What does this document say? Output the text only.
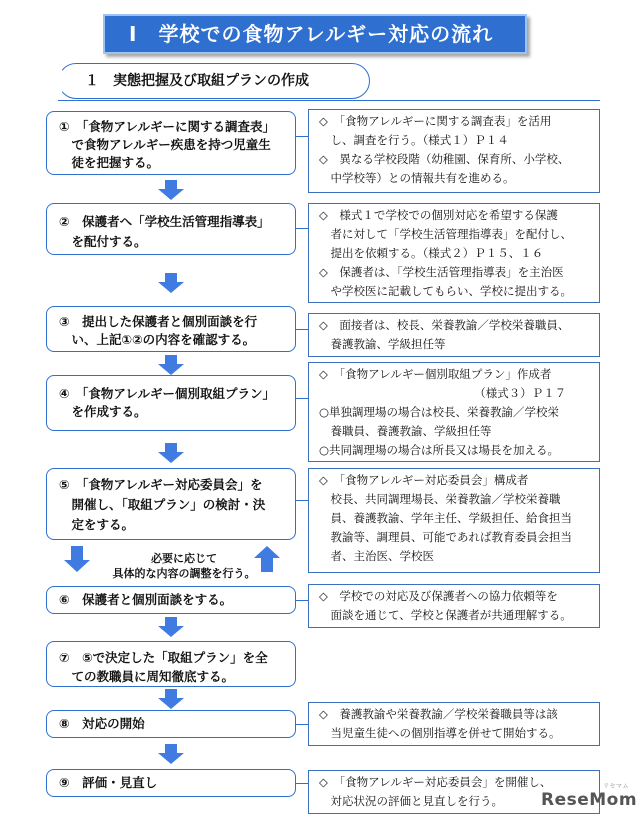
Ⅰ　学校での食物アレルギー対応の流れ
１　実態把握及び取組プランの作成
①　「食物アレルギーに関する調査表」
　で食物アレルギー疾患を持つ児童生
　徒を把握する。
②　保護者へ「学校生活管理指導表」
　を配付する。
③　提出した保護者と個別面談を行
　い、上記①②の内容を確認する。
④　「食物アレルギー個別取組プラン」
　を作成する。
⑤　「食物アレルギー対応委員会」を
　開催し、「取組プラン」の検討・決
　定をする。
⑥　保護者と個別面談をする。
⑦　⑤で決定した「取組プラン」を全
　ての教職員に周知徹底する。
⑧　対応の開始
⑨　評価・見直し
◇　「食物アレルギーに関する調査表」を活用
　し、調査を行う。（様式１）Ｐ１４
◇　異なる学校段階（幼稚園、保育所、小学校、
　中学校等）との情報共有を進める。
◇　様式１で学校での個別対応を希望する保護
　者に対して「学校生活管理指導表」を配付し、
　提出を依頼する。（様式２）Ｐ１５、１６
◇　保護者は、「学校生活管理指導表」を主治医
　や学校医に記載してもらい、学校に提出する。
◇　面接者は、校長、栄養教諭／学校栄養職員、
　養護教諭、学級担任等
◇　「食物アレルギー個別取組プラン」作成者
　　　　　　　　　　　　　　（様式３）Ｐ１７
○単独調理場の場合は校長、栄養教諭／学校栄
　養職員、養護教諭、学級担任等
○共同調理場の場合は所長又は場長を加える。
◇　「食物アレルギー対応委員会」構成者
　校長、共同調理場長、栄養教諭／学校栄養職
　員、養護教諭、学年主任、学級担任、給食担当
　教諭等、調理員、可能であれば教育委員会担当
　者、主治医、学校医
◇　学校での対応及び保護者への協力依頼等を
　面談を通じて、学校と保護者が共通理解する。
◇　養護教諭や栄養教諭／学校栄養職員等は該
　当児童生徒への個別指導を併せて開始する。
◇　「食物アレルギー対応委員会」を開催し、
　対応状況の評価と見直しを行う。
必要に応じて
具体的な内容の調整を行う。
ReseMom
リセマム
